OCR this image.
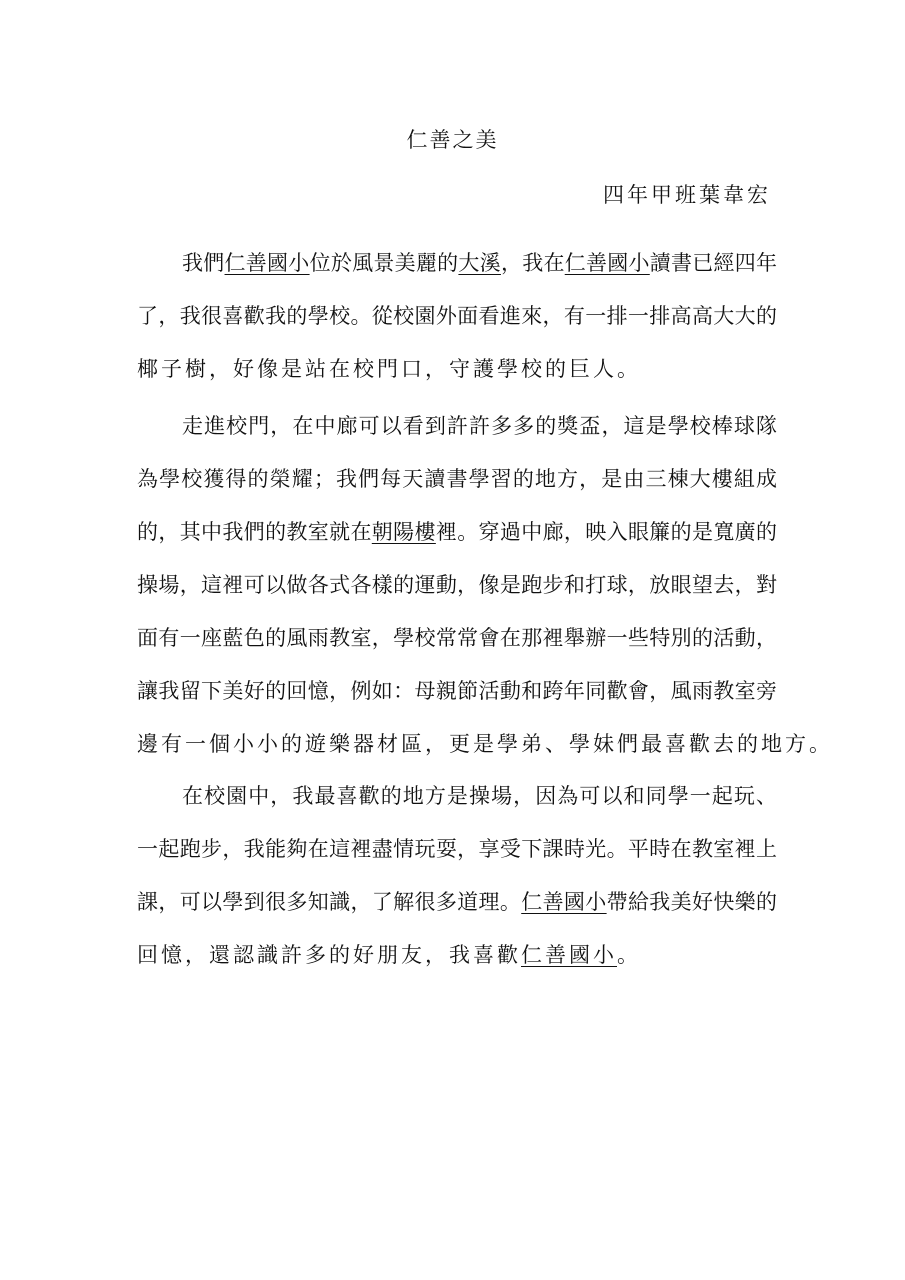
仁善之美
四年甲班葉韋宏
我們仁善國小位於風景美麗的大溪，我在仁善國小讀書已經四年
了，我很喜歡我的學校。從校園外面看進來，有一排一排高高大大的
椰子樹，好像是站在校門口，守護學校的巨人。
走進校門，在中廊可以看到許許多多的獎盃，這是學校棒球隊
為學校獲得的榮耀；我們每天讀書學習的地方，是由三棟大樓組成
的，其中我們的教室就在朝陽樓裡。穿過中廊，映入眼簾的是寬廣的
操場，這裡可以做各式各樣的運動，像是跑步和打球，放眼望去，對
面有一座藍色的風雨教室，學校常常會在那裡舉辦一些特別的活動，
讓我留下美好的回憶，例如：母親節活動和跨年同歡會，風雨教室旁
邊有一個小小的遊樂器材區，更是學弟、學妹們最喜歡去的地方。
在校園中，我最喜歡的地方是操場，因為可以和同學一起玩、
一起跑步，我能夠在這裡盡情玩耍，享受下課時光。平時在教室裡上
課，可以學到很多知識，了解很多道理。仁善國小帶給我美好快樂的
回憶，還認識許多的好朋友，我喜歡仁善國小。
